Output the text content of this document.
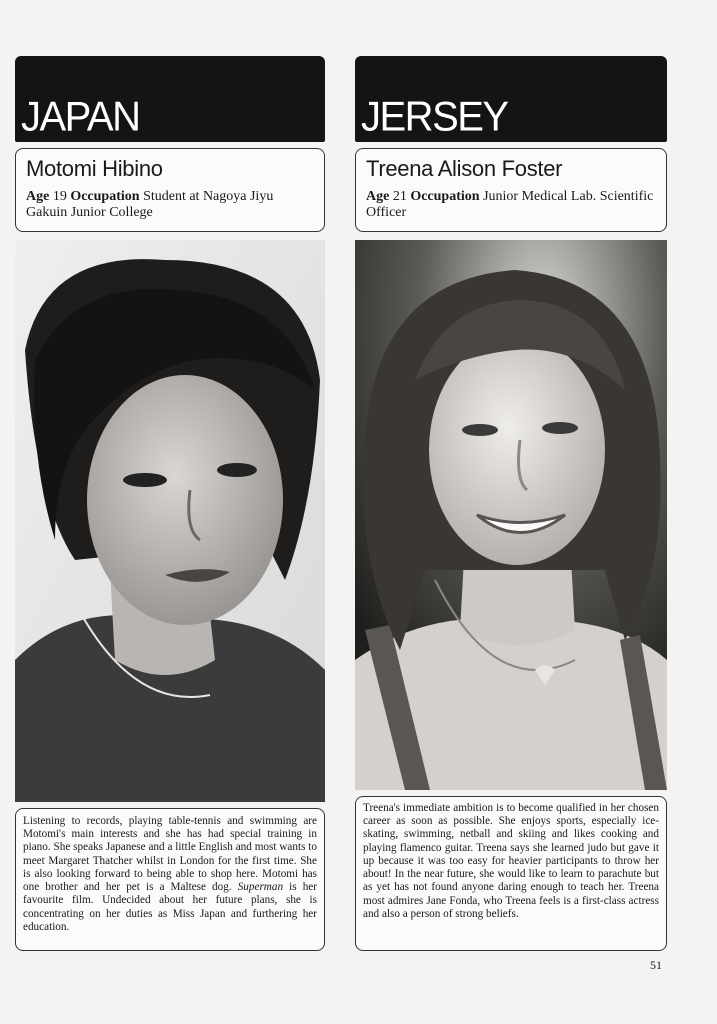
JAPAN
Motomi Hibino
Age 19 Occupation Student at Nagoya Jiyu Gakuin Junior College
Listening to records, playing table-tennis and swimming are Motomi's main interests and she has had special training in piano. She speaks Japanese and a little English and most wants to meet Margaret Thatcher whilst in London for the first time. She is also looking forward to being able to shop here. Motomi has one brother and her pet is a Maltese dog. Superman is her favourite film. Undecided about her future plans, she is concentrating on her duties as Miss Japan and furthering her education.
JERSEY
Treena Alison Foster
Age 21 Occupation Junior Medical Lab. Scientific Officer
Treena's immediate ambition is to become qualified in her chosen career as soon as possible. She enjoys sports, especially ice-skating, swimming, netball and skiing and likes cooking and playing flamenco guitar. Treena says she learned judo but gave it up because it was too easy for heavier participants to throw her about! In the near future, she would like to learn to parachute but as yet has not found anyone daring enough to teach her. Treena most admires Jane Fonda, who Treena feels is a first-class actress and also a person of strong beliefs.
51
